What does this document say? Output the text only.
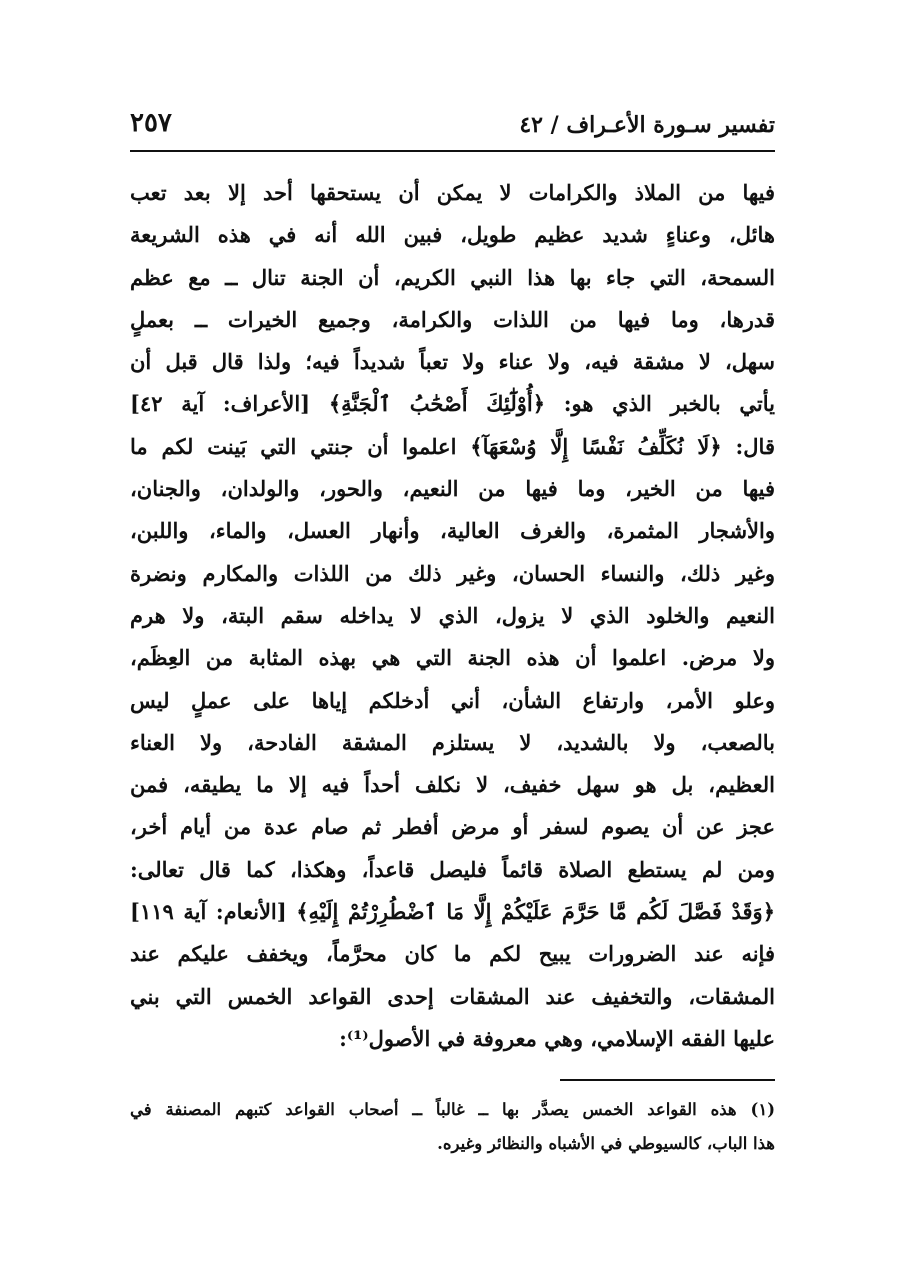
تفسير سـورة الأعـراف / ٤٢
٢٥٧
فيها من الملاذ والكرامات لا يمكن أن يستحقها أحد إلا بعد تعب
هائل، وعناءٍ شديد عظيم طويل، فبين الله أنه في هذه الشريعة
السمحة، التي جاء بها هذا النبي الكريم، أن الجنة تنال ــ مع عظم
قدرها، وما فيها من اللذات والكرامة، وجميع الخيرات ــ بعملٍ
سهل، لا مشقة فيه، ولا عناء ولا تعباً شديداً فيه؛ ولذا قال قبل أن
يأتي بالخبر الذي هو: ﴿أُوْلَٰٓئِكَ أَصْحَٰبُ ٱلْجَنَّةِ﴾ [الأعراف: آية ٤٢]
قال: ﴿لَا نُكَلِّفُ نَفْسًا إِلَّا وُسْعَهَآ﴾ اعلموا أن جنتي التي بَينت لكم ما
فيها من الخير، وما فيها من النعيم، والحور، والولدان، والجنان،
والأشجار المثمرة، والغرف العالية، وأنهار العسل، والماء، واللبن،
وغير ذلك، والنساء الحسان، وغير ذلك من اللذات والمكارم ونضرة
النعيم والخلود الذي لا يزول، الذي لا يداخله سقم البتة، ولا هرم
ولا مرض. اعلموا أن هذه الجنة التي هي بهذه المثابة من العِظَم،
وعلو الأمر، وارتفاع الشأن، أني أدخلكم إياها على عملٍ ليس
بالصعب، ولا بالشديد، لا يستلزم المشقة الفادحة، ولا العناء
العظيم، بل هو سهل خفيف، لا نكلف أحداً فيه إلا ما يطيقه، فمن
عجز عن أن يصوم لسفر أو مرض أفطر ثم صام عدة من أيام أخر،
ومن لم يستطع الصلاة قائماً فليصل قاعداً، وهكذا، كما قال تعالى:
﴿وَقَدْ فَصَّلَ لَكُم مَّا حَرَّمَ عَلَيْكُمْ إِلَّا مَا ٱضْطُرِرْتُمْ إِلَيْهِ﴾ [الأنعام: آية ١١٩]
فإنه عند الضرورات يبيح لكم ما كان محرَّماً، ويخفف عليكم عند
المشقات، والتخفيف عند المشقات إحدى القواعد الخمس التي بني
عليها الفقه الإسلامي، وهي معروفة في الأصول⁽¹⁾:
(١) هذه القواعد الخمس يصدَّر بها ــ غالباً ــ أصحاب القواعد كتبهم المصنفة في
هذا الباب، كالسيوطي في الأشباه والنظائر وغيره.
